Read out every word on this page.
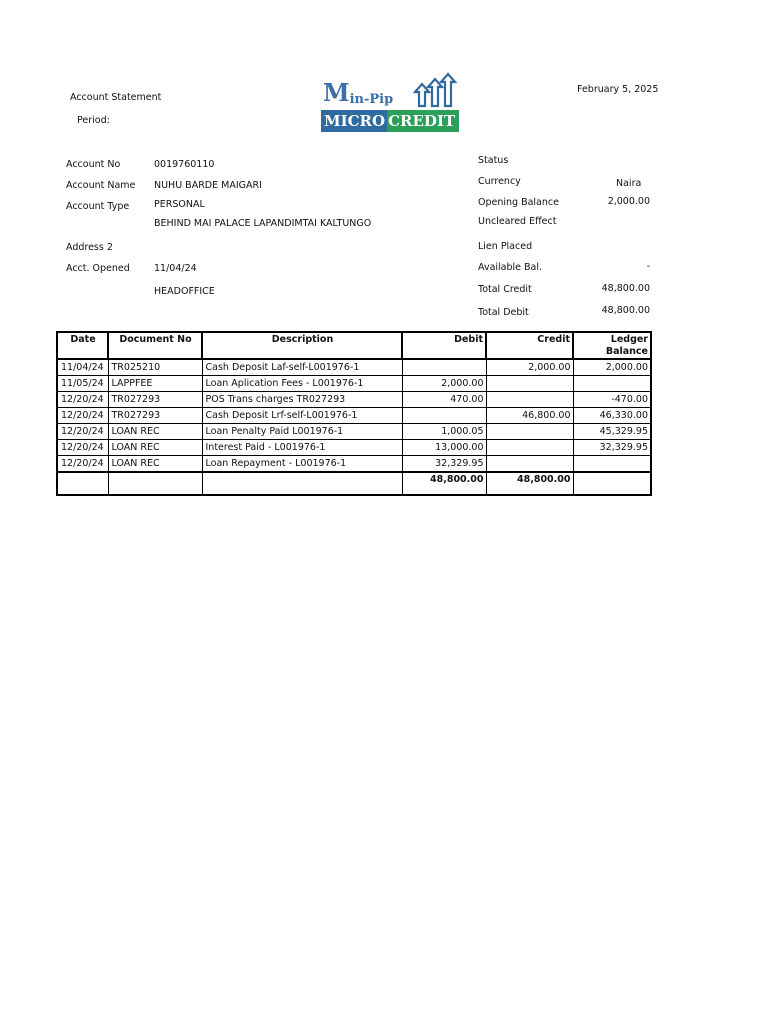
Account Statement
Period:
February 5, 2025
Min-Pip
MICRO CREDIT
Account No	0019760110
Account Name NUHU BARDE MAIGARI
Account Type	PERSONAL
BEHIND MAI PALACE LAPANDIMTAI KALTUNGO
Address 2
Acct. Opened	11/04/24
HEADOFFICE
Status
Currency	Naira
Opening Balance	2,000.00
Uncleared Effect
Lien Placed
Available Bal.	-
Total Credit	48,800.00
Total Debit	48,800.00
Date	Document No	Description	Debit	Credit	Ledger
Balance
11/04/24	TR025210	Cash Deposit Laf-self-L001976-1		2,000.00	2,000.00
11/05/24	LAPPFEE	Loan Aplication Fees - L001976-1	2,000.00		
12/20/24	TR027293	POS Trans charges TR027293	470.00		-470.00
12/20/24	TR027293	Cash Deposit Lrf-self-L001976-1		46,800.00	46,330.00
12/20/24	LOAN REC	Loan Penalty Paid L001976-1	1,000.05		45,329.95
12/20/24	LOAN REC	Interest Paid - L001976-1	13,000.00		32,329.95
12/20/24	LOAN REC	Loan Repayment - L001976-1	32,329.95		
			48,800.00	48,800.00	
